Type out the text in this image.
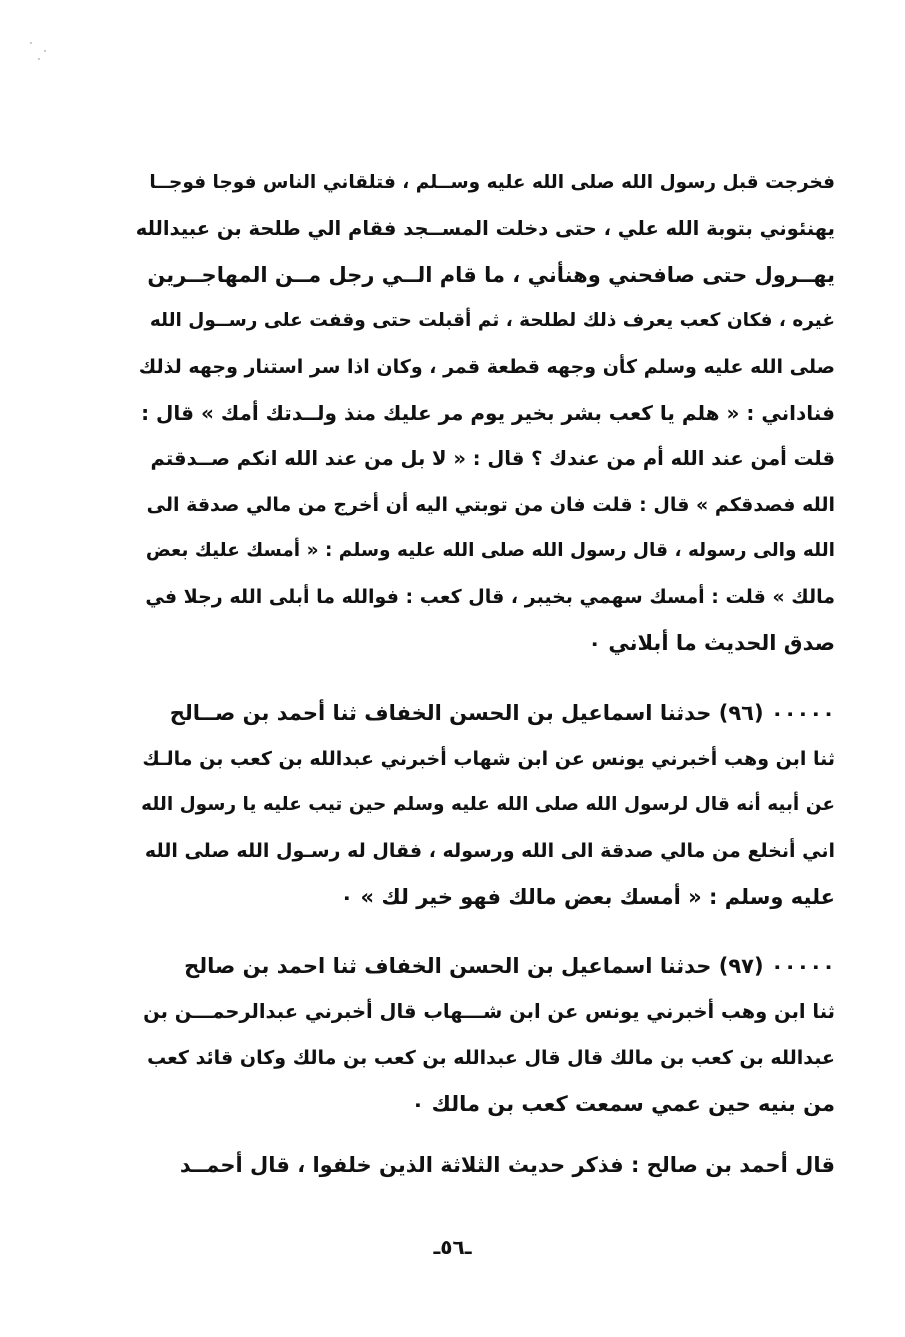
فخرجت قبل رسول الله صلى الله عليه وســلم ، فتلقاني الناس فوجا فوجــا
يهنئوني بتوبة الله علي ، حتى دخلت المســجد فقام الي طلحة بن عبيدالله
يهــرول حتى صافحني وهنأني ، ما قام الــي رجل مــن المهاجــرين
غيره ، فكان كعب يعرف ذلك لطلحة ، ثم أقبلت حتى وقفت على رســول الله
صلى الله عليه وسلم كأن وجهه قطعة قمر ، وكان اذا سر استنار وجهه لذلك
فناداني : « هلم يا كعب بشر بخير يوم مر عليك منذ ولــدتك أمك » قال :
قلت أمن عند الله أم من عندك ؟ قال : « لا بل من عند الله انكم صــدقتم
الله فصدقكم » قال : قلت فان من توبتي اليه أن أخرج من مالي صدقة الى
الله والى رسوله ، قال رسول الله صلى الله عليه وسلم : « أمسك عليك بعض
مالك » قلت : أمسك سهمي بخيبر ، قال كعب : فوالله ما أبلى الله رجلا في
صدق الحديث ما أبلاني ٠
٠٠٠٠٠ (٩٦) حدثنا اسماعيل بن الحسن الخفاف ثنا أحمد بن صــالح
ثنا ابن وهب أخبرني يونس عن ابن شهاب أخبرني عبدالله بن كعب بن مالـك
عن أبيه أنه قال لرسول الله صلى الله عليه وسلم حين تيب عليه يا رسول الله
اني أنخلع من مالي صدقة الى الله ورسوله ، فقال له رسـول الله صلى الله
عليه وسلم : « أمسك بعض مالك فهو خير لك » ٠
٠٠٠٠٠ (٩٧) حدثنا اسماعيل بن الحسن الخفاف ثنا احمد بن صالح
ثنا ابن وهب أخبرني يونس عن ابن شـــهاب قال أخبرني عبدالرحمـــن بن
عبدالله بن كعب بن مالك قال قال عبدالله بن كعب بن مالك وكان قائد كعب
من بنيه حين عمي سمعت كعب بن مالك ٠
قال أحمد بن صالح : فذكر حديث الثلاثة الذين خلفوا ، قال أحمــد
ـ٥٦ـ
